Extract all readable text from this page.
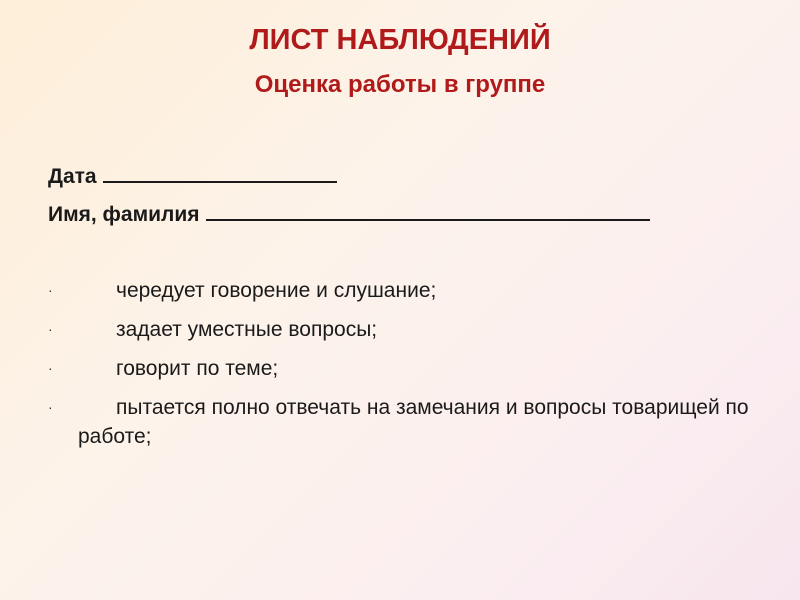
ЛИСТ НАБЛЮДЕНИЙ
Оценка работы в группе
Дата
Имя, фамилия
·	чередует говорение и слушание;
·	задает уместные вопросы;
·	говорит по теме;
·	пытается полно отвечать на замечания и вопросы товарищей по работе;
